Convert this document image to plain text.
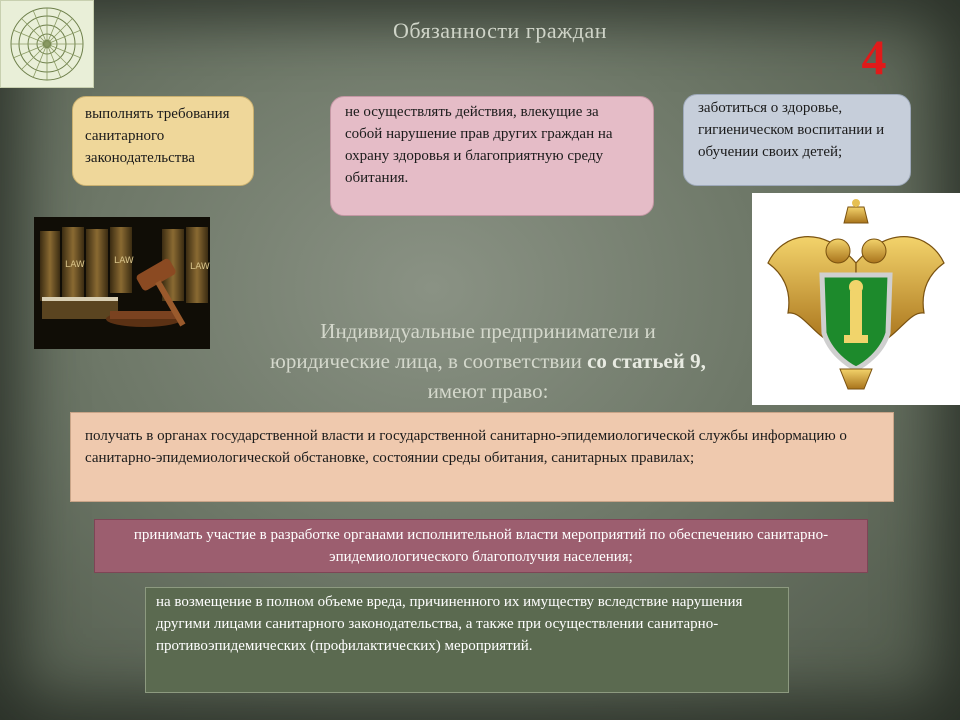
Обязанности граждан	4
выполнять требования санитарного законодательства
не осуществлять действия, влекущие за собой нарушение прав других граждан на охрану здоровья и благоприятную среду обитания.
заботиться о здоровье, гигиеническом воспитании и обучении своих детей;
LAW	LAW
LAW
Индивидуальные предприниматели и
юридические лица, в соответствии со статьей 9,
имеют право:
получать в органах государственной власти и государственной санитарно-эпидемиологической службы информацию о санитарно-эпидемиологической обстановке, состоянии среды обитания, санитарных правилах;
принимать участие в разработке органами исполнительной власти мероприятий по обеспечению санитарно-эпидемиологического благополучия населения;
на возмещение в полном объеме вреда, причиненного их имуществу вследствие нарушения другими лицами санитарного законодательства, а также при осуществлении санитарно-противоэпидемических (профилактических) мероприятий.
